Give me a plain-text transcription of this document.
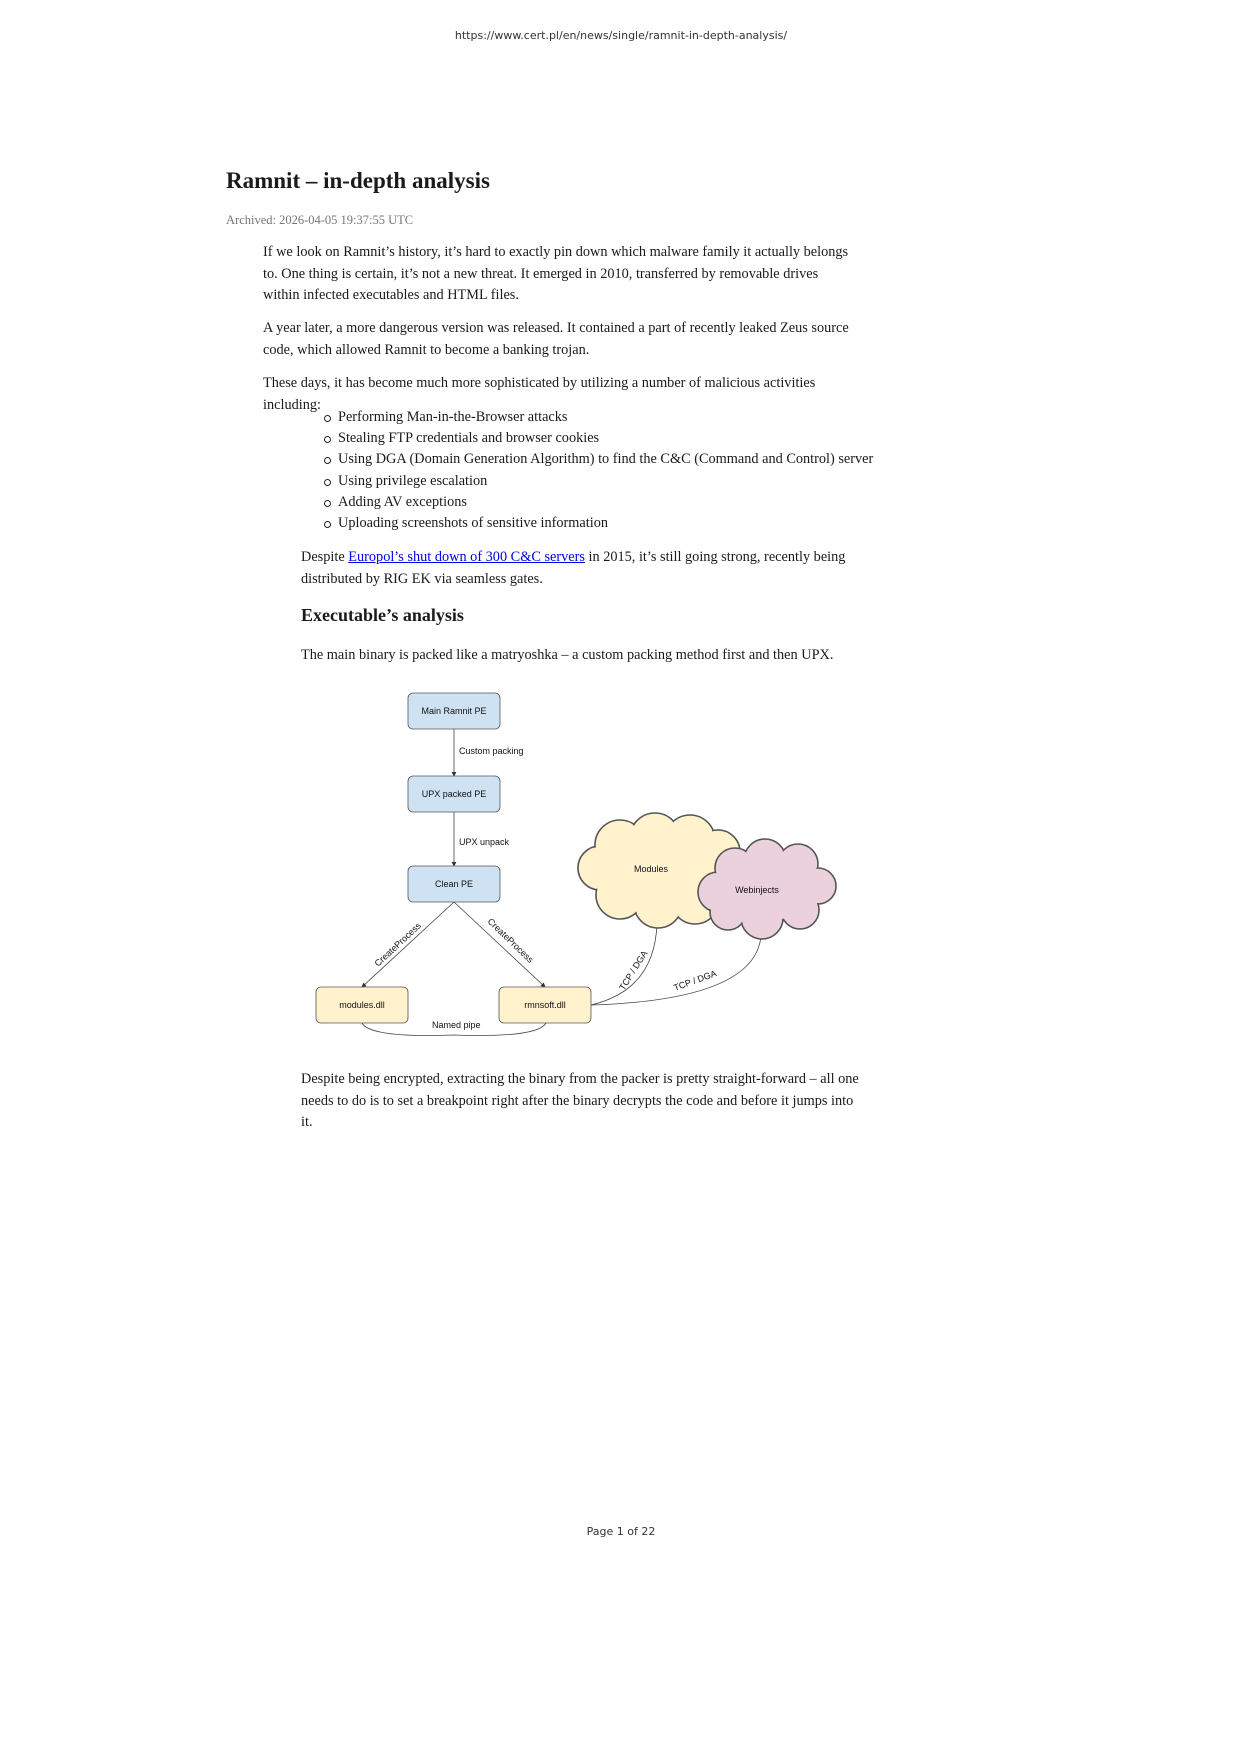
https://www.cert.pl/en/news/single/ramnit-in-depth-analysis/
Ramnit – in-depth analysis
Archived: 2026-04-05 19:37:55 UTC

If we look on Ramnit’s history, it’s hard to exactly pin down which malware family it actually belongs to. One thing is certain, it’s not a new threat. It emerged in 2010, transferred by removable drives within infected executables and HTML files.

A year later, a more dangerous version was released. It contained a part of recently leaked Zeus source code, which allowed Ramnit to become a banking trojan.

These days, it has become much more sophisticated by utilizing a number of malicious activities including:

Performing Man-in-the-Browser attacks
Stealing FTP credentials and browser cookies
Using DGA (Domain Generation Algorithm) to find the C&C (Command and Control) server
Using privilege escalation
Adding AV exceptions
Uploading screenshots of sensitive information

Despite Europol’s shut down of 300 C&C servers in 2015, it’s still going strong, recently being distributed by RIG EK via seamless gates.

Executable’s analysis

The main binary is packed like a matryoshka – a custom packing method first and then UPX.

Custom packing
UPX unpack
CreateProcess	CreateProcess
Named pipe
TCP / DGA	TCP / DGA
Main Ramnit PE
UPX packed PE
Clean PE
modules.dll	rmnsoft.dll
Modules
Webinjects

Despite being encrypted, extracting the binary from the packer is pretty straight-forward – all one needs to do is to set a breakpoint right after the binary decrypts the code and before it jumps into it.

Page 1 of 22
